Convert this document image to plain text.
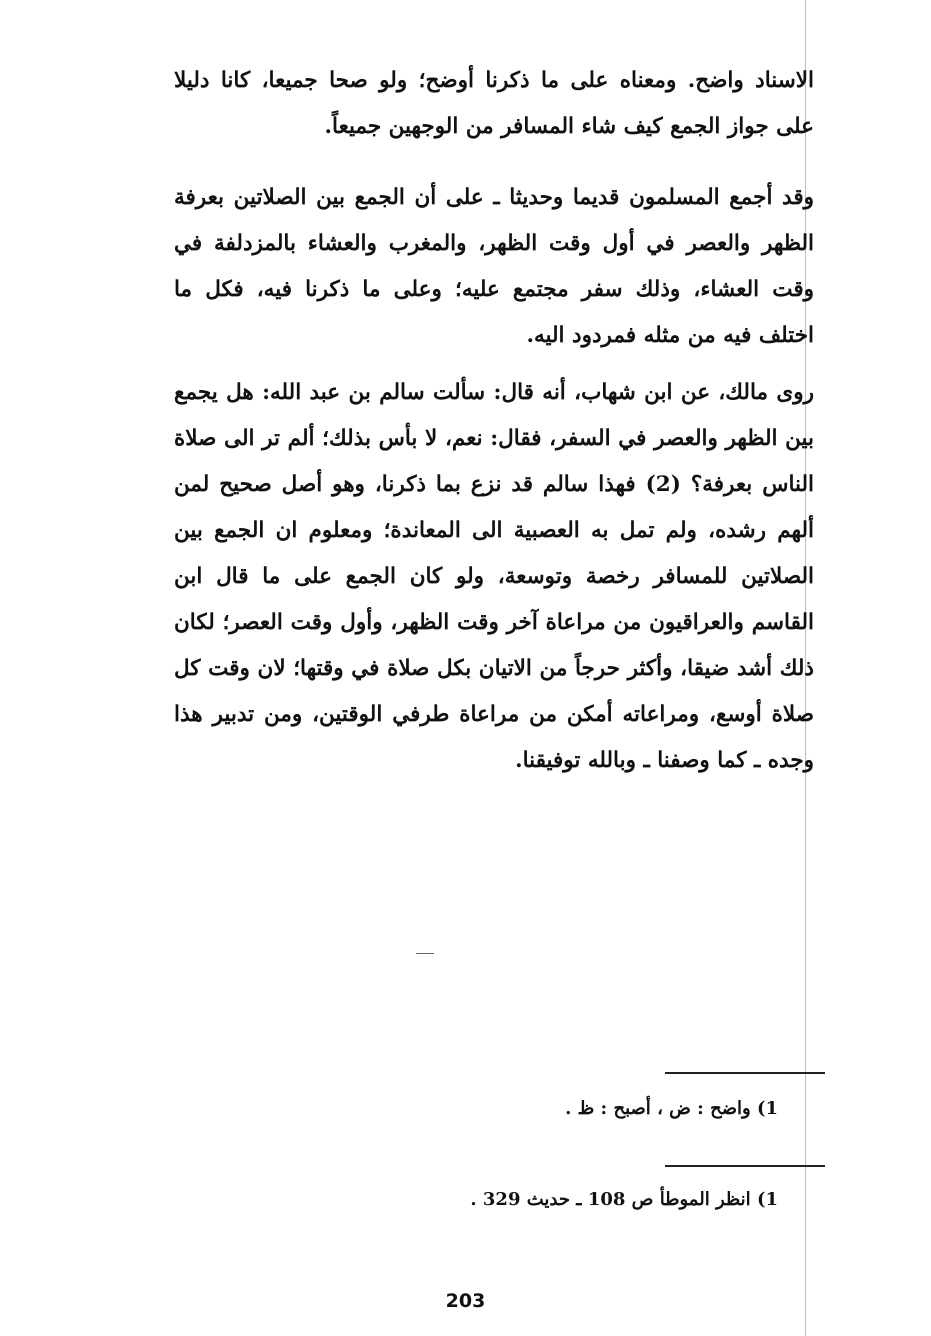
الاسناد واضح. ومعناه على ما ذكرنا أوضح؛ ولو صحا جميعا، كانا دليلا على جواز الجمع كيف شاء المسافر من الوجهين جميعاً.

وقد أجمع المسلمون قديما وحديثا ـ على أن الجمع بين الصلاتين بعرفة الظهر والعصر في أول وقت الظهر، والمغرب والعشاء بالمزدلفة في وقت العشاء، وذلك سفر مجتمع عليه؛ وعلى ما ذكرنا فيه، فكل ما اختلف فيه من مثله فمردود اليه.

روى مالك، عن ابن شهاب، أنه قال: سألت سالم بن عبد الله: هل يجمع بين الظهر والعصر في السفر، فقال: نعم، لا بأس بذلك؛ ألم تر الى صلاة الناس بعرفة؟ (2) فهذا سالم قد نزع بما ذكرنا، وهو أصل صحيح لمن ألهم رشده، ولم تمل به العصبية الى المعاندة؛ ومعلوم ان الجمع بين الصلاتين للمسافر رخصة وتوسعة، ولو كان الجمع على ما قال ابن القاسم والعراقيون من مراعاة آخر وقت الظهر، وأول وقت العصر؛ لكان ذلك أشد ضيقا، وأكثر حرجاً من الاتيان بكل صلاة في وقتها؛ لان وقت كل صلاة أوسع، ومراعاته أمكن من مراعاة طرفي الوقتين، ومن تدبير هذا وجده ـ كما وصفنا ـ وبالله توفيقنا.

1) واضح : ض ، أصبح : ظ .
1) انظر الموطأ ص 108 ـ حديث 329 .
203
